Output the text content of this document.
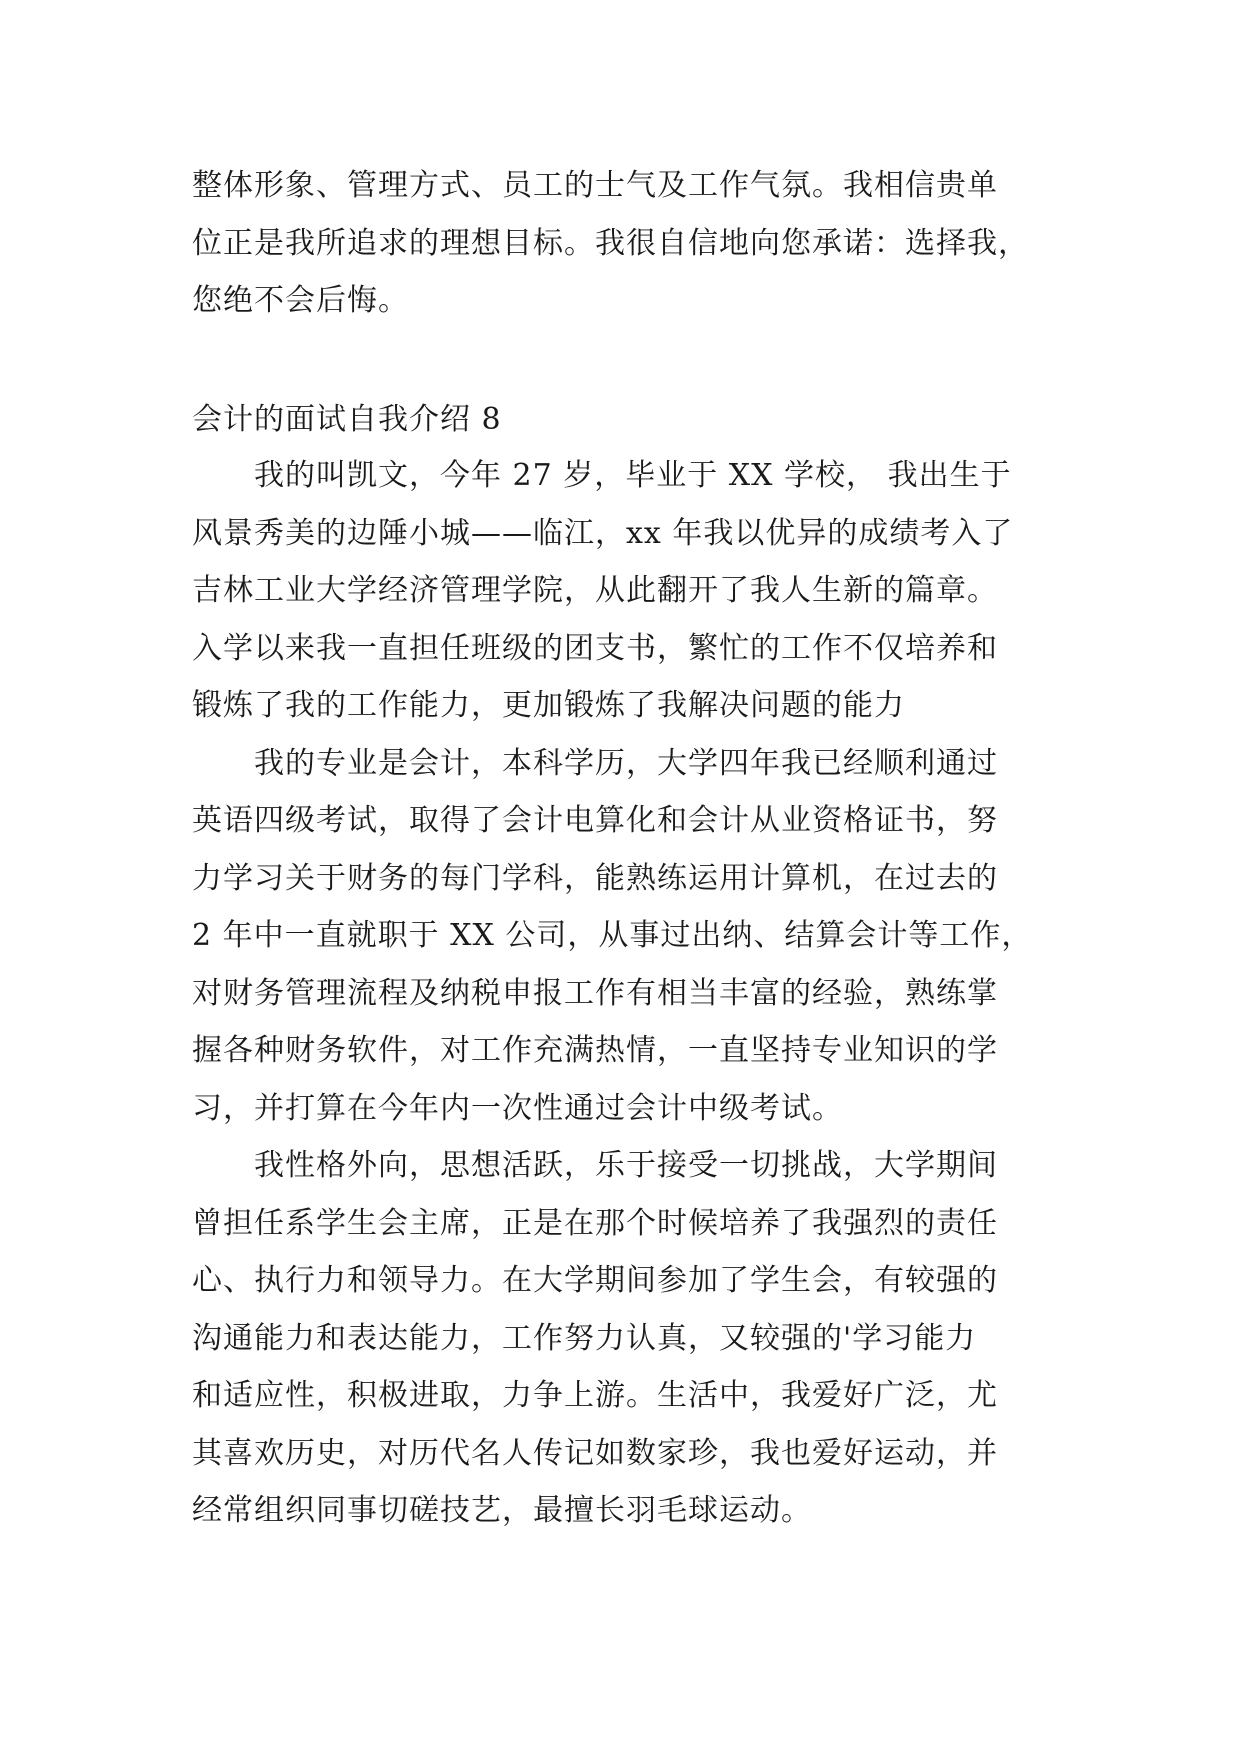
整体形象、管理方式、员工的士气及工作气氛。我相信贵单
位正是我所追求的理想目标。我很自信地向您承诺：选择我，
您绝不会后悔。
会计的面试自我介绍 8
　　我的叫凯文，今年 27 岁，毕业于 XX 学校， 我出生于
风景秀美的边陲小城——临江，xx 年我以优异的成绩考入了
吉林工业大学经济管理学院，从此翻开了我人生新的篇章。
入学以来我一直担任班级的团支书，繁忙的工作不仅培养和
锻炼了我的工作能力，更加锻炼了我解决问题的能力
　　我的专业是会计，本科学历，大学四年我已经顺利通过
英语四级考试，取得了会计电算化和会计从业资格证书，努
力学习关于财务的每门学科，能熟练运用计算机，在过去的
2 年中一直就职于 XX 公司，从事过出纳、结算会计等工作，
对财务管理流程及纳税申报工作有相当丰富的经验，熟练掌
握各种财务软件，对工作充满热情，一直坚持专业知识的学
习，并打算在今年内一次性通过会计中级考试。
　　我性格外向，思想活跃，乐于接受一切挑战，大学期间
曾担任系学生会主席，正是在那个时候培养了我强烈的责任
心、执行力和领导力。在大学期间参加了学生会，有较强的
沟通能力和表达能力，工作努力认真，又较强的'学习能力
和适应性，积极进取，力争上游。生活中，我爱好广泛，尤
其喜欢历史，对历代名人传记如数家珍，我也爱好运动，并
经常组织同事切磋技艺，最擅长羽毛球运动。
